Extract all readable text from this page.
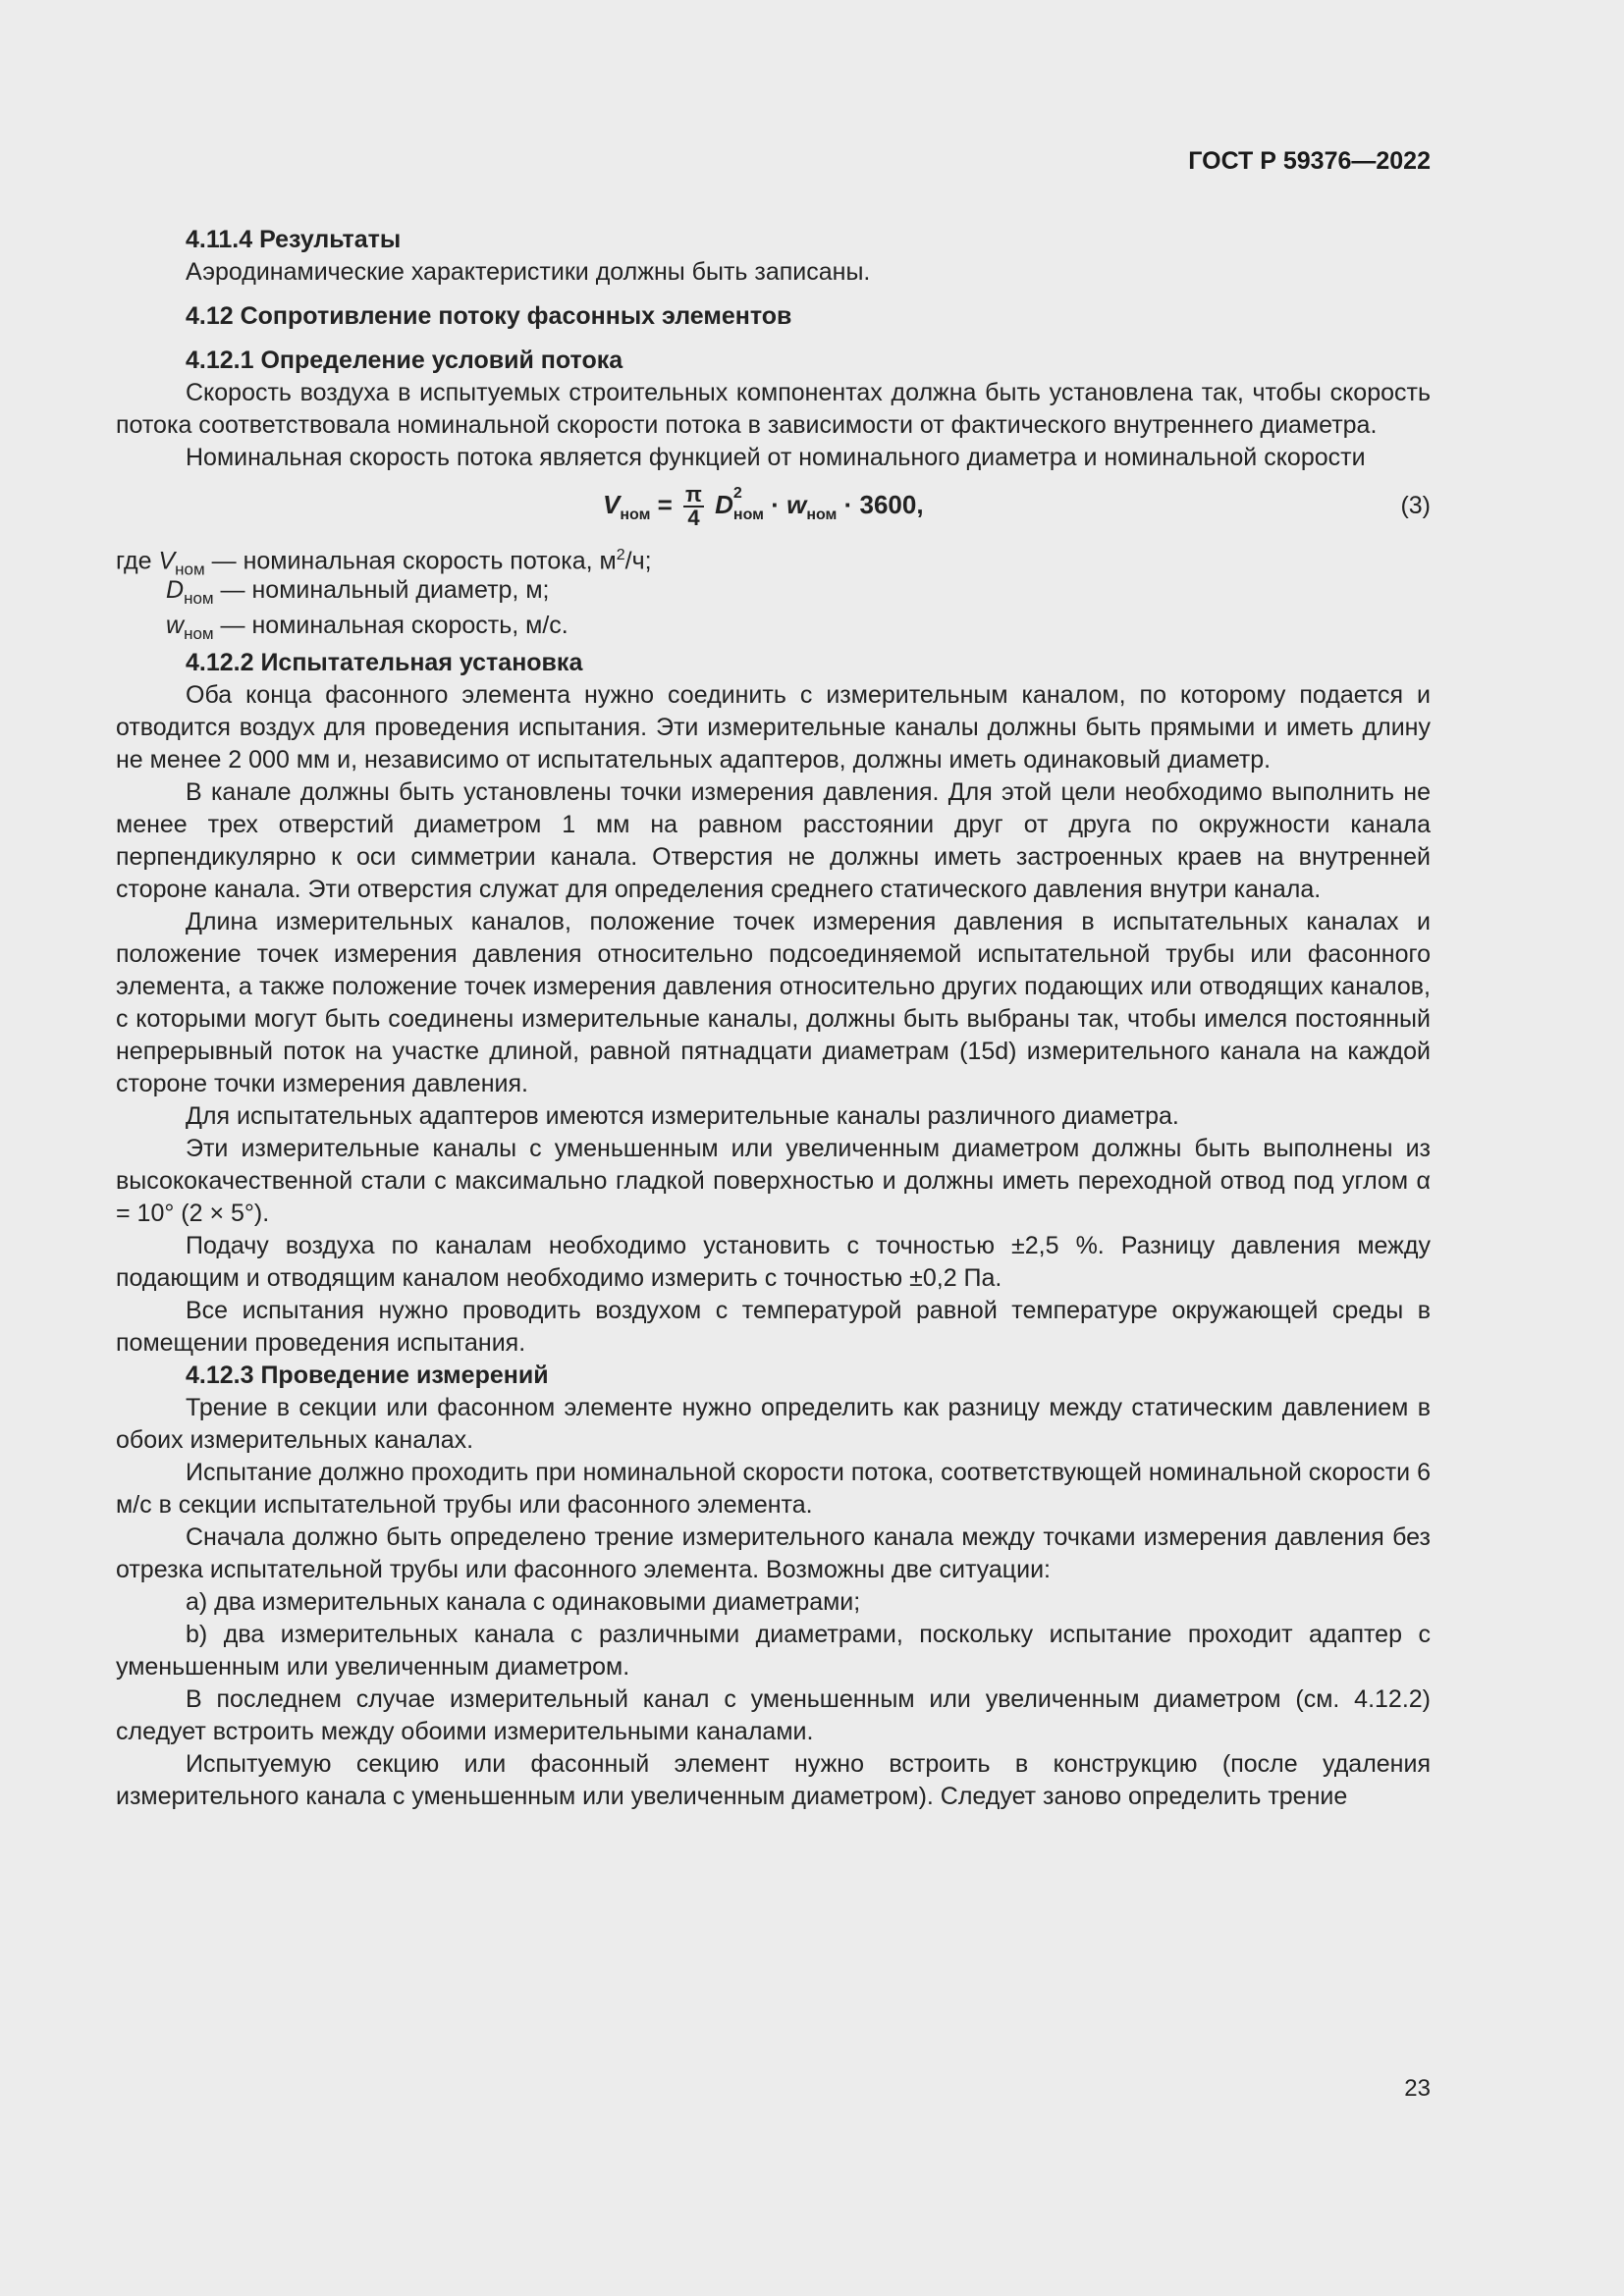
ГОСТ Р 59376—2022

4.11.4 Результаты

Аэродинамические характеристики должны быть записаны.

4.12 Сопротивление потоку фасонных элементов

4.12.1 Определение условий потока

Скорость воздуха в испытуемых строительных компонентах должна быть установлена так, чтобы скорость потока соответствовала номинальной скорости потока в зависимости от фактического внутреннего диаметра.

Номинальная скорость потока является функцией от номинального диаметра и номинальной скорости

$V_{ном} = \frac{\pi}{4}$ D 2
$_{ном} \cdot w_{ном} \cdot 3600$,	(3)
где $V_{ном}$ — номинальная скорость потока, $м^2/ч$;
$D_{ном}$ — номинальный диаметр, м;
$w_{ном}$ — номинальная скорость, м/с.

4.12.2 Испытательная установка

Оба конца фасонного элемента нужно соединить с измерительным каналом, по которому подается и отводится воздух для проведения испытания. Эти измерительные каналы должны быть прямыми и иметь длину не менее 2 000 мм и, независимо от испытательных адаптеров, должны иметь одинаковый диаметр.

В канале должны быть установлены точки измерения давления. Для этой цели необходимо выполнить не менее трех отверстий диаметром 1 мм на равном расстоянии друг от друга по окружности канала перпендикулярно к оси симметрии канала. Отверстия не должны иметь застроенных краев на внутренней стороне канала. Эти отверстия служат для определения среднего статического давления внутри канала.

Длина измерительных каналов, положение точек измерения давления в испытательных каналах и положение точек измерения давления относительно подсоединяемой испытательной трубы или фасонного элемента, а также положение точек измерения давления относительно других подающих или отводящих каналов, с которыми могут быть соединены измерительные каналы, должны быть выбраны так, чтобы имелся постоянный непрерывный поток на участке длиной, равной пятнадцати диаметрам (15d) измерительного канала на каждой стороне точки измерения давления.

Для испытательных адаптеров имеются измерительные каналы различного диаметра.

Эти измерительные каналы с уменьшенным или увеличенным диаметром должны быть выполнены из высококачественной стали с максимально гладкой поверхностью и должны иметь переходной отвод под углом α = 10° (2 × 5°).

Подачу воздуха по каналам необходимо установить с точностью ±2,5 %. Разницу давления между подающим и отводящим каналом необходимо измерить с точностью ±0,2 Па.

Все испытания нужно проводить воздухом с температурой равной температуре окружающей среды в помещении проведения испытания.

4.12.3 Проведение измерений

Трение в секции или фасонном элементе нужно определить как разницу между статическим давлением в обоих измерительных каналах.

Испытание должно проходить при номинальной скорости потока, соответствующей номинальной скорости 6 м/с в секции испытательной трубы или фасонного элемента.

Сначала должно быть определено трение измерительного канала между точками измерения давления без отрезка испытательной трубы или фасонного элемента. Возможны две ситуации:

а) два измерительных канала с одинаковыми диаметрами;

b) два измерительных канала с различными диаметрами, поскольку испытание проходит адаптер с уменьшенным или увеличенным диаметром.

В последнем случае измерительный канал с уменьшенным или увеличенным диаметром (см. 4.12.2) следует встроить между обоими измерительными каналами.

Испытуемую секцию или фасонный элемент нужно встроить в конструкцию (после удаления измерительного канала с уменьшенным или увеличенным диаметром). Следует заново определить трение

23
